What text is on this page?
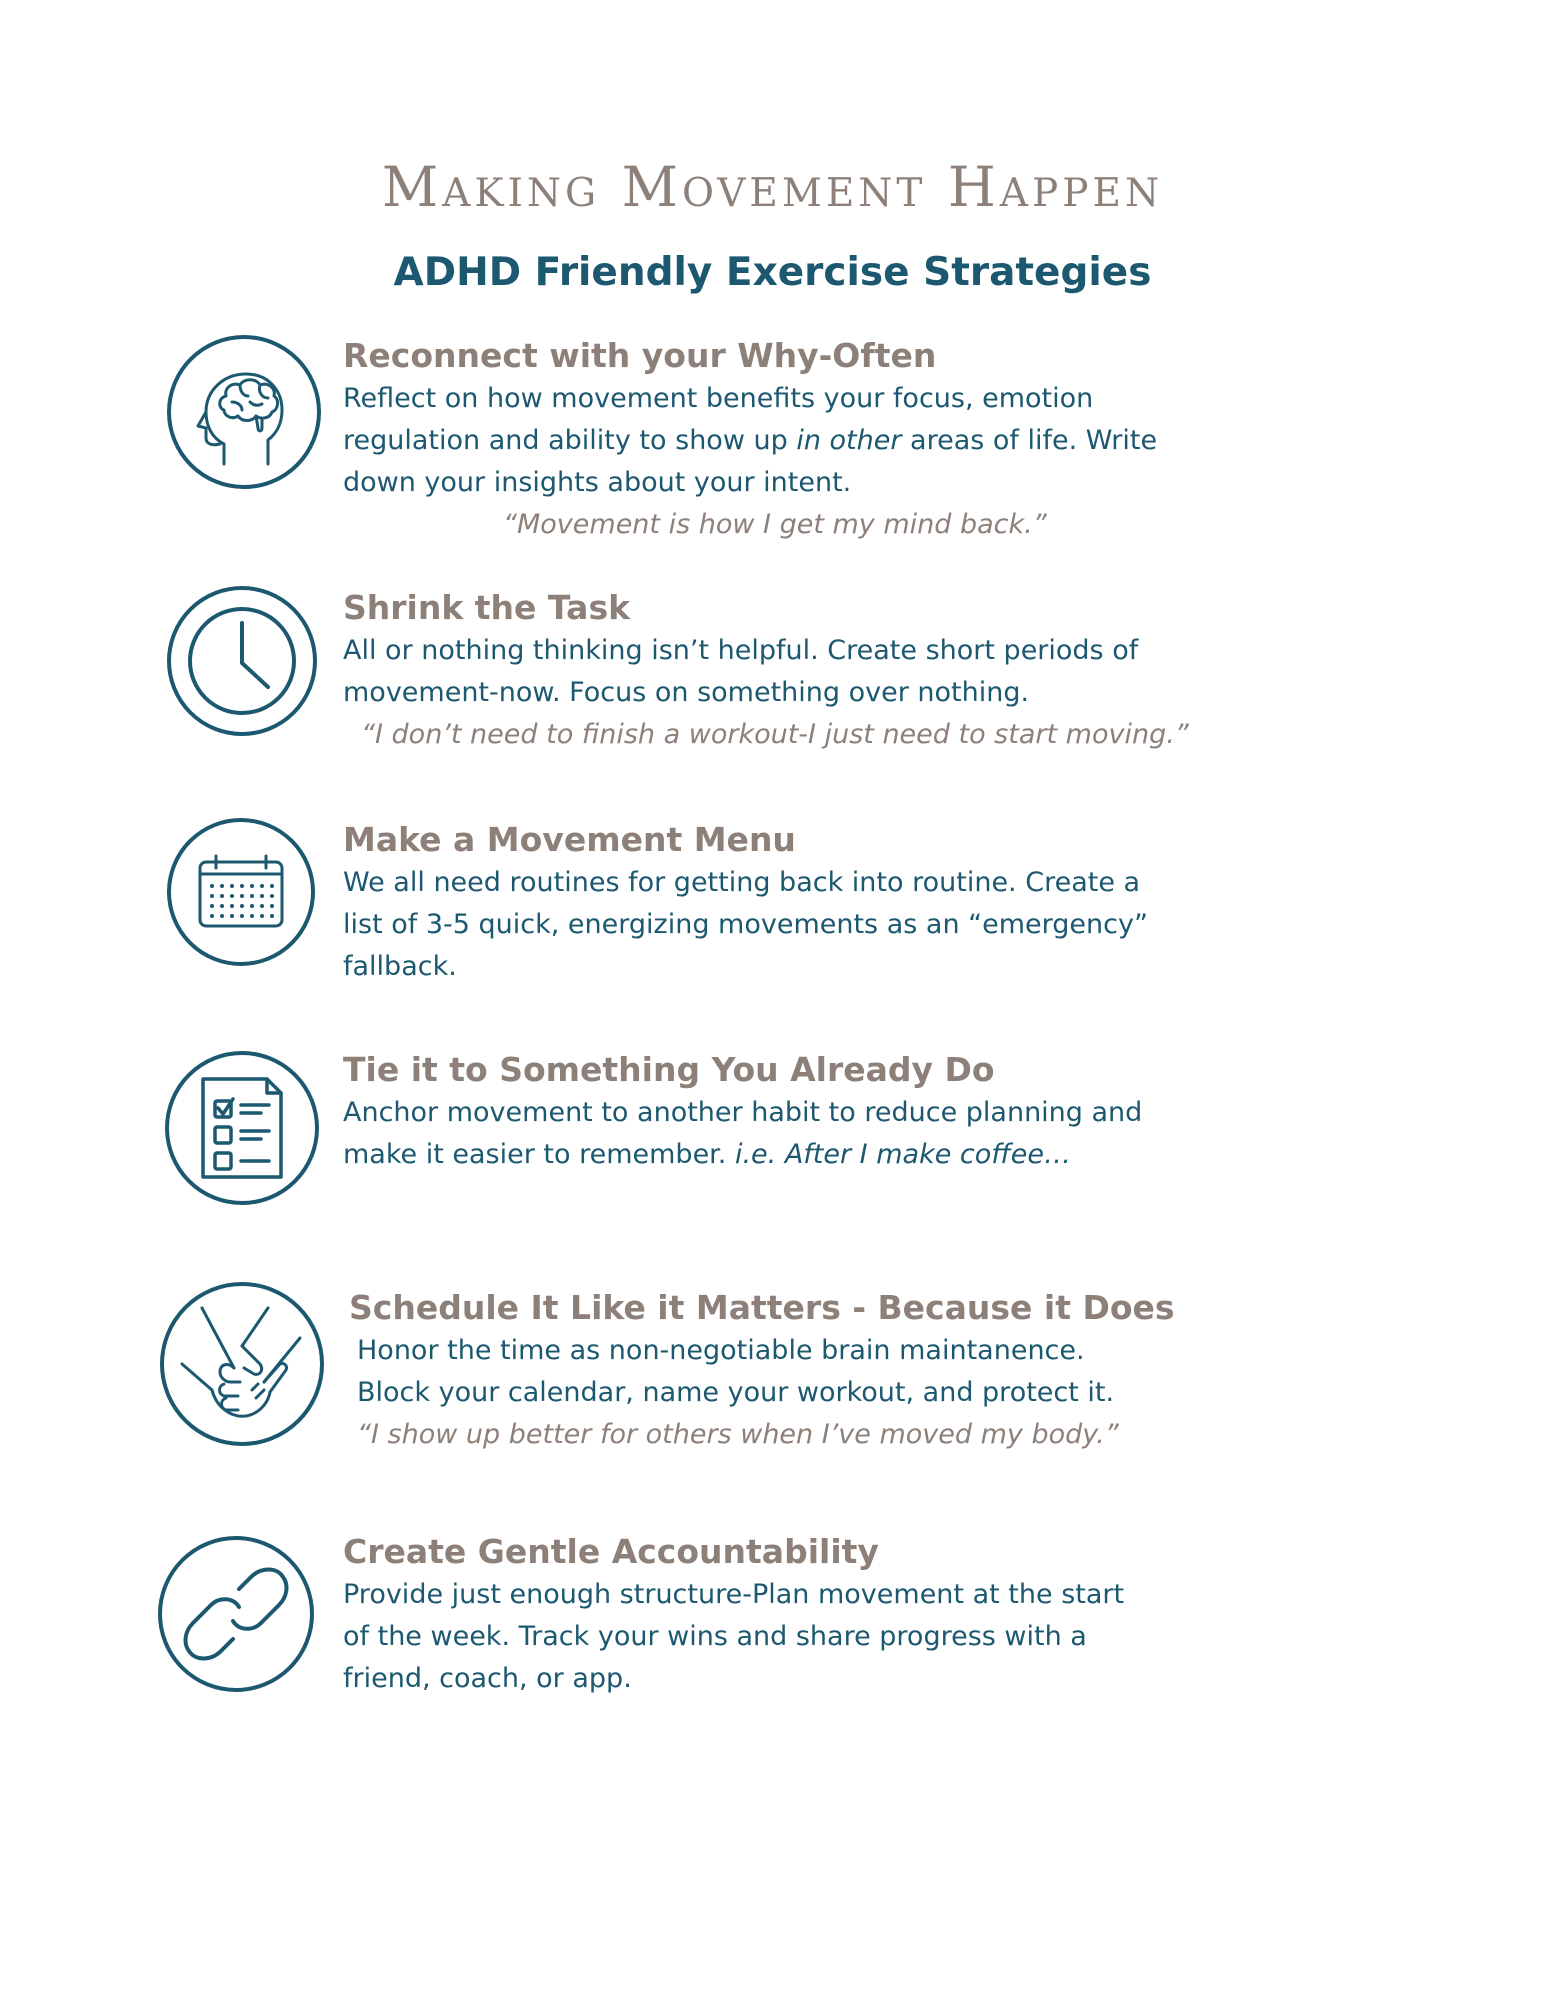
Making Movement Happen
ADHD Friendly Exercise Strategies
Reconnect with your Why-Often

Reflect on how movement benefits your focus, emotion

regulation and ability to show up in other areas of life. Write

down your insights about your intent.

“Movement is how I get my mind back.”
Shrink the Task

All or nothing thinking isn’t helpful. Create short periods of

movement-now. Focus on something over nothing.

“I don’t need to finish a workout-I just need to start moving.”
Make a Movement Menu

We all need routines for getting back into routine. Create a

list of 3-5 quick, energizing movements as an “emergency”

fallback.

Tie it to Something You Already Do

Anchor movement to another habit to reduce planning and

make it easier to remember. i.e. After I make coffee…

Schedule It Like it Matters - Because it Does

Honor the time as non-negotiable brain maintanence.

Block your calendar, name your workout, and protect it.

“I show up better for others when I’ve moved my body.”
Create Gentle Accountability

Provide just enough structure-Plan movement at the start

of the week. Track your wins and share progress with a

friend, coach, or app.
